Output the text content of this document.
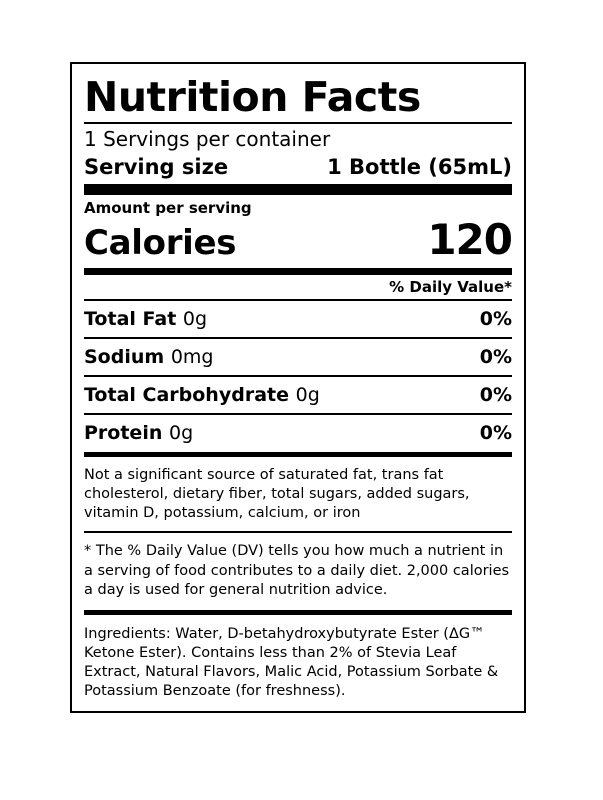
Nutrition Facts
1 Servings per container
Serving size	1 Bottle (65mL)
Amount per serving
Calories	120
% Daily Value*
Total Fat 0g	0%
Sodium 0mg	0%
Total Carbohydrate 0g	0%
Protein 0g	0%
Not a significant source of saturated fat, trans fat cholesterol, dietary fiber, total sugars, added sugars, vitamin D, potassium, calcium, or iron
* The % Daily Value (DV) tells you how much a nutrient in a serving of food contributes to a daily diet. 2,000 calories a day is used for general nutrition advice.
Ingredients: Water, D-betahydroxybutyrate Ester (ΔG™ Ketone Ester). Contains less than 2% of Stevia Leaf Extract, Natural Flavors, Malic Acid, Potassium Sorbate & Potassium Benzoate (for freshness).
